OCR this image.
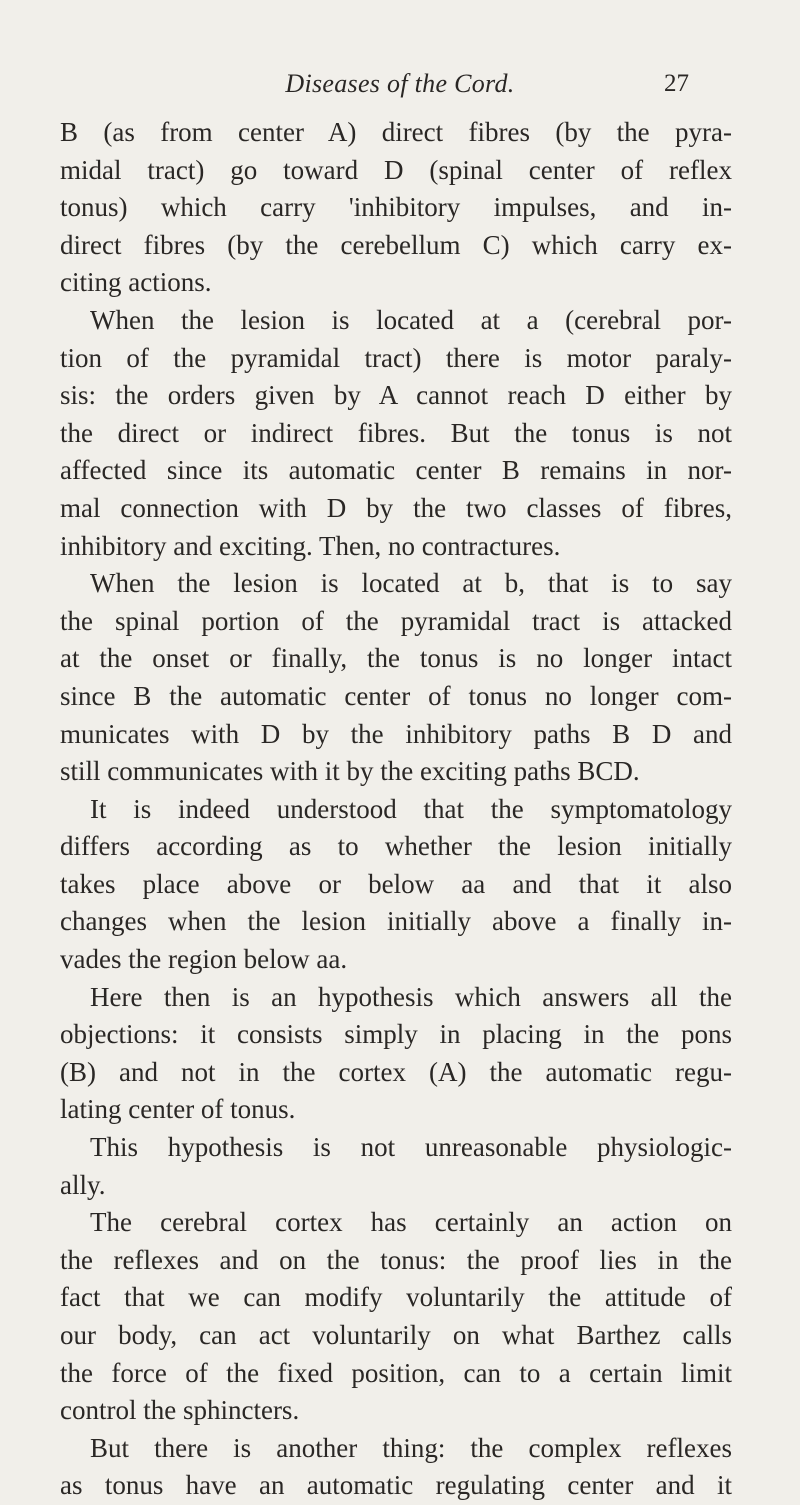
Diseases of the Cord.	27
B (as from center A) direct fibres (by the pyra-
midal tract) go toward D (spinal center of reflex
tonus) which carry 'inhibitory impulses, and in-
direct fibres (by the cerebellum C) which carry ex-
citing actions.
When the lesion is located at a (cerebral por-
tion of the pyramidal tract) there is motor paraly-
sis: the orders given by A cannot reach D either by
the direct or indirect fibres. But the tonus is not
affected since its automatic center B remains in nor-
mal connection with D by the two classes of fibres,
inhibitory and exciting. Then, no contractures.
When the lesion is located at b, that is to say
the spinal portion of the pyramidal tract is attacked
at the onset or finally, the tonus is no longer intact
since B the automatic center of tonus no longer com-
municates with D by the inhibitory paths B D and
still communicates with it by the exciting paths BCD.
It is indeed understood that the symptomatology
differs according as to whether the lesion initially
takes place above or below aa and that it also
changes when the lesion initially above a finally in-
vades the region below aa.
Here then is an hypothesis which answers all the
objections: it consists simply in placing in the pons
(B) and not in the cortex (A) the automatic regu-
lating center of tonus.
This hypothesis is not unreasonable physiologic-
ally.
The cerebral cortex has certainly an action on
the reflexes and on the tonus: the proof lies in the
fact that we can modify voluntarily the attitude of
our body, can act voluntarily on what Barthez calls
the force of the fixed position, can to a certain limit
control the sphincters.
But there is another thing: the complex reflexes
as tonus have an automatic regulating center and it
